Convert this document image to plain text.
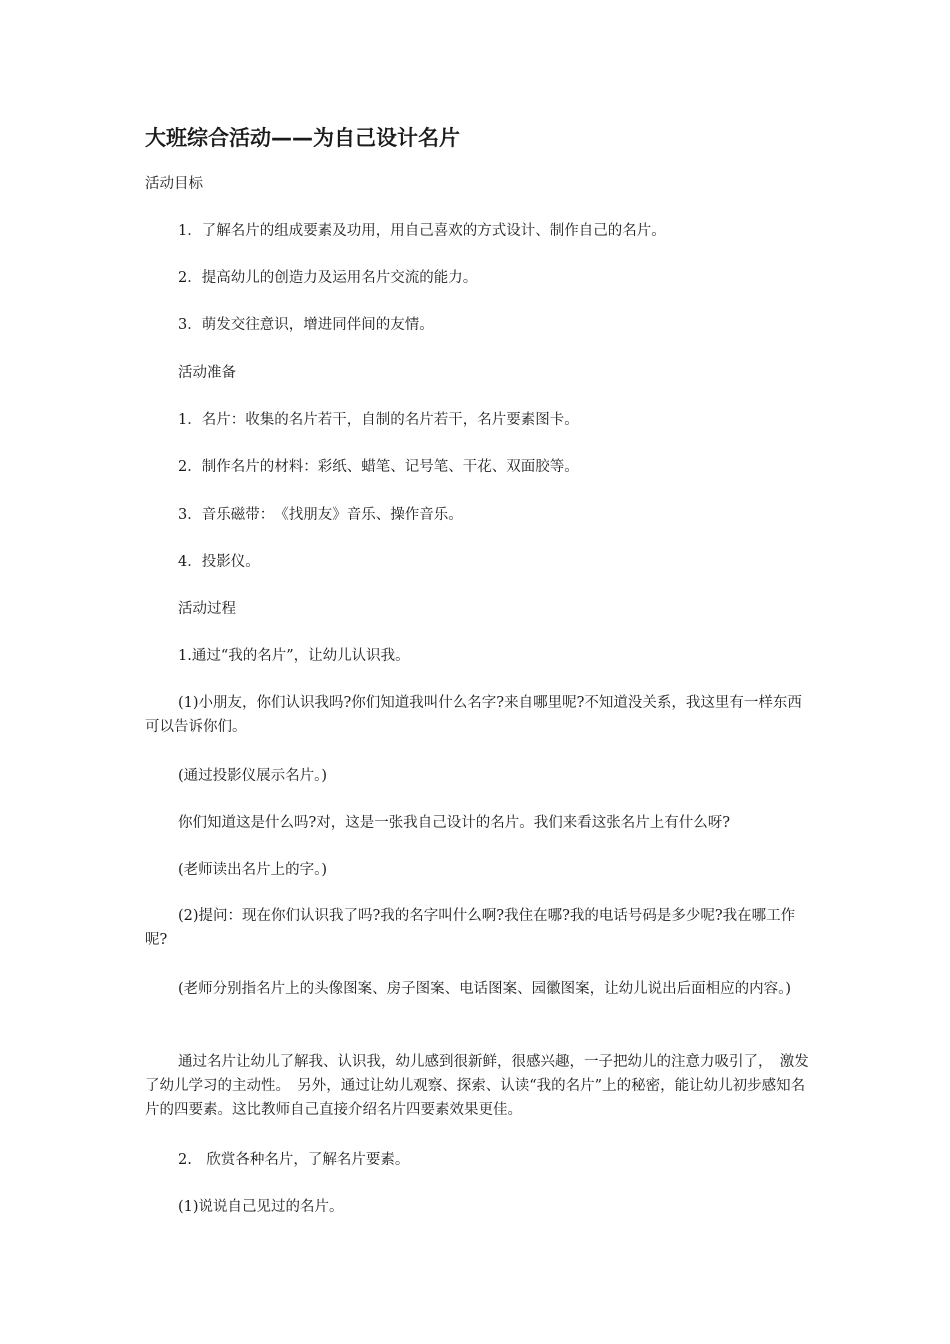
大班综合活动——为自己设计名片
活动目标
1．了解名片的组成要素及功用，用自己喜欢的方式设计、制作自己的名片。
2．提高幼儿的创造力及运用名片交流的能力。
3．萌发交往意识，增进同伴间的友情。
活动准备
1．名片：收集的名片若干，自制的名片若干，名片要素图卡。
2．制作名片的材料：彩纸、蜡笔、记号笔、干花、双面胶等。
3．音乐磁带：　《找朋友》音乐、操作音乐。
4．投影仪。
活动过程
1.通过“我的名片”，让幼儿认识我。
(1)小朋友，你们认识我吗?你们知道我叫什么名字?来自哪里呢?不知道没关系，我这里有一样东西可以告诉你们。
(通过投影仪展示名片。)
你们知道这是什么吗?对，这是一张我自己设计的名片。我们来看这张名片上有什么呀?
(老师读出名片上的字。)
(2)提问：现在你们认识我了吗?我的名字叫什么啊?我住在哪?我的电话号码是多少呢?我在哪工作呢?
(老师分别指名片上的头像图案、房子图案、电话图案、园徽图案，让幼儿说出后面相应的内容。)
通过名片让幼儿了解我、认识我，幼儿感到很新鲜，很感兴趣，一子把幼儿的注意力吸引了，　激发了幼儿学习的主动性。　另外，通过让幼儿观察、探索、认读“我的名片”上的秘密，能让幼儿初步感知名片的四要素。这比教师自己直接介绍名片四要素效果更佳。
2.　欣赏各种名片，了解名片要素。
(1)说说自己见过的名片。
